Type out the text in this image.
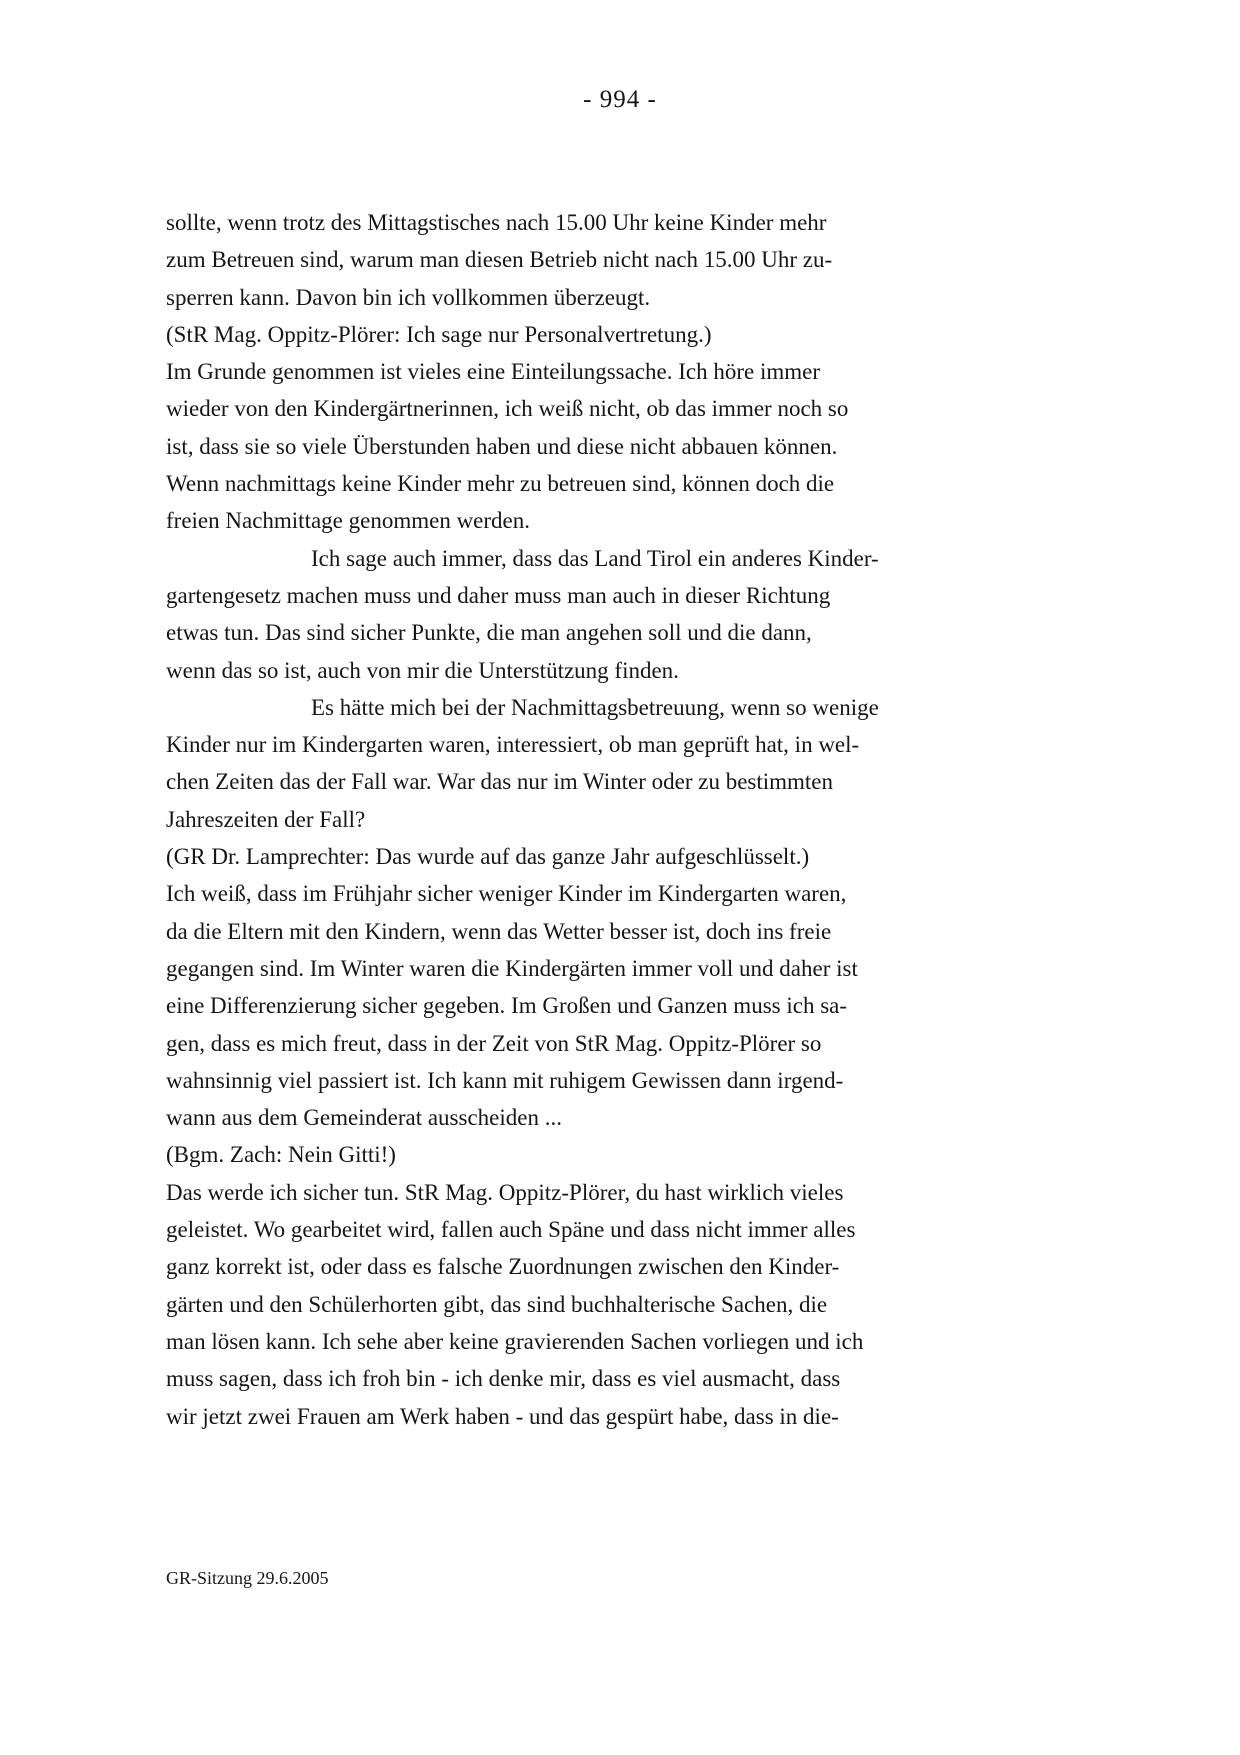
- 994 -
sollte, wenn trotz des Mittagstisches nach 15.00 Uhr keine Kinder mehr
zum Betreuen sind, warum man diesen Betrieb nicht nach 15.00 Uhr zu-
sperren kann. Davon bin ich vollkommen überzeugt.
(StR Mag. Oppitz-Plörer: Ich sage nur Personalvertretung.)
Im Grunde genommen ist vieles eine Einteilungssache. Ich höre immer
wieder von den Kindergärtnerinnen, ich weiß nicht, ob das immer noch so
ist, dass sie so viele Überstunden haben und diese nicht abbauen können.
Wenn nachmittags keine Kinder mehr zu betreuen sind, können doch die
freien Nachmittage genommen werden.
Ich sage auch immer, dass das Land Tirol ein anderes Kinder-
gartengesetz machen muss und daher muss man auch in dieser Richtung
etwas tun. Das sind sicher Punkte, die man angehen soll und die dann,
wenn das so ist, auch von mir die Unterstützung finden.
Es hätte mich bei der Nachmittagsbetreuung, wenn so wenige
Kinder nur im Kindergarten waren, interessiert, ob man geprüft hat, in wel-
chen Zeiten das der Fall war. War das nur im Winter oder zu bestimmten
Jahreszeiten der Fall?
(GR Dr. Lamprechter: Das wurde auf das ganze Jahr aufgeschlüsselt.)
Ich weiß, dass im Frühjahr sicher weniger Kinder im Kindergarten waren,
da die Eltern mit den Kindern, wenn das Wetter besser ist, doch ins freie
gegangen sind. Im Winter waren die Kindergärten immer voll und daher ist
eine Differenzierung sicher gegeben. Im Großen und Ganzen muss ich sa-
gen, dass es mich freut, dass in der Zeit von StR Mag. Oppitz-Plörer so
wahnsinnig viel passiert ist. Ich kann mit ruhigem Gewissen dann irgend-
wann aus dem Gemeinderat ausscheiden ...
(Bgm. Zach: Nein Gitti!)
Das werde ich sicher tun. StR Mag. Oppitz-Plörer, du hast wirklich vieles
geleistet. Wo gearbeitet wird, fallen auch Späne und dass nicht immer alles
ganz korrekt ist, oder dass es falsche Zuordnungen zwischen den Kinder-
gärten und den Schülerhorten gibt, das sind buchhalterische Sachen, die
man lösen kann. Ich sehe aber keine gravierenden Sachen vorliegen und ich
muss sagen, dass ich froh bin - ich denke mir, dass es viel ausmacht, dass
wir jetzt zwei Frauen am Werk haben - und das gespürt habe, dass in die-
GR-Sitzung 29.6.2005
